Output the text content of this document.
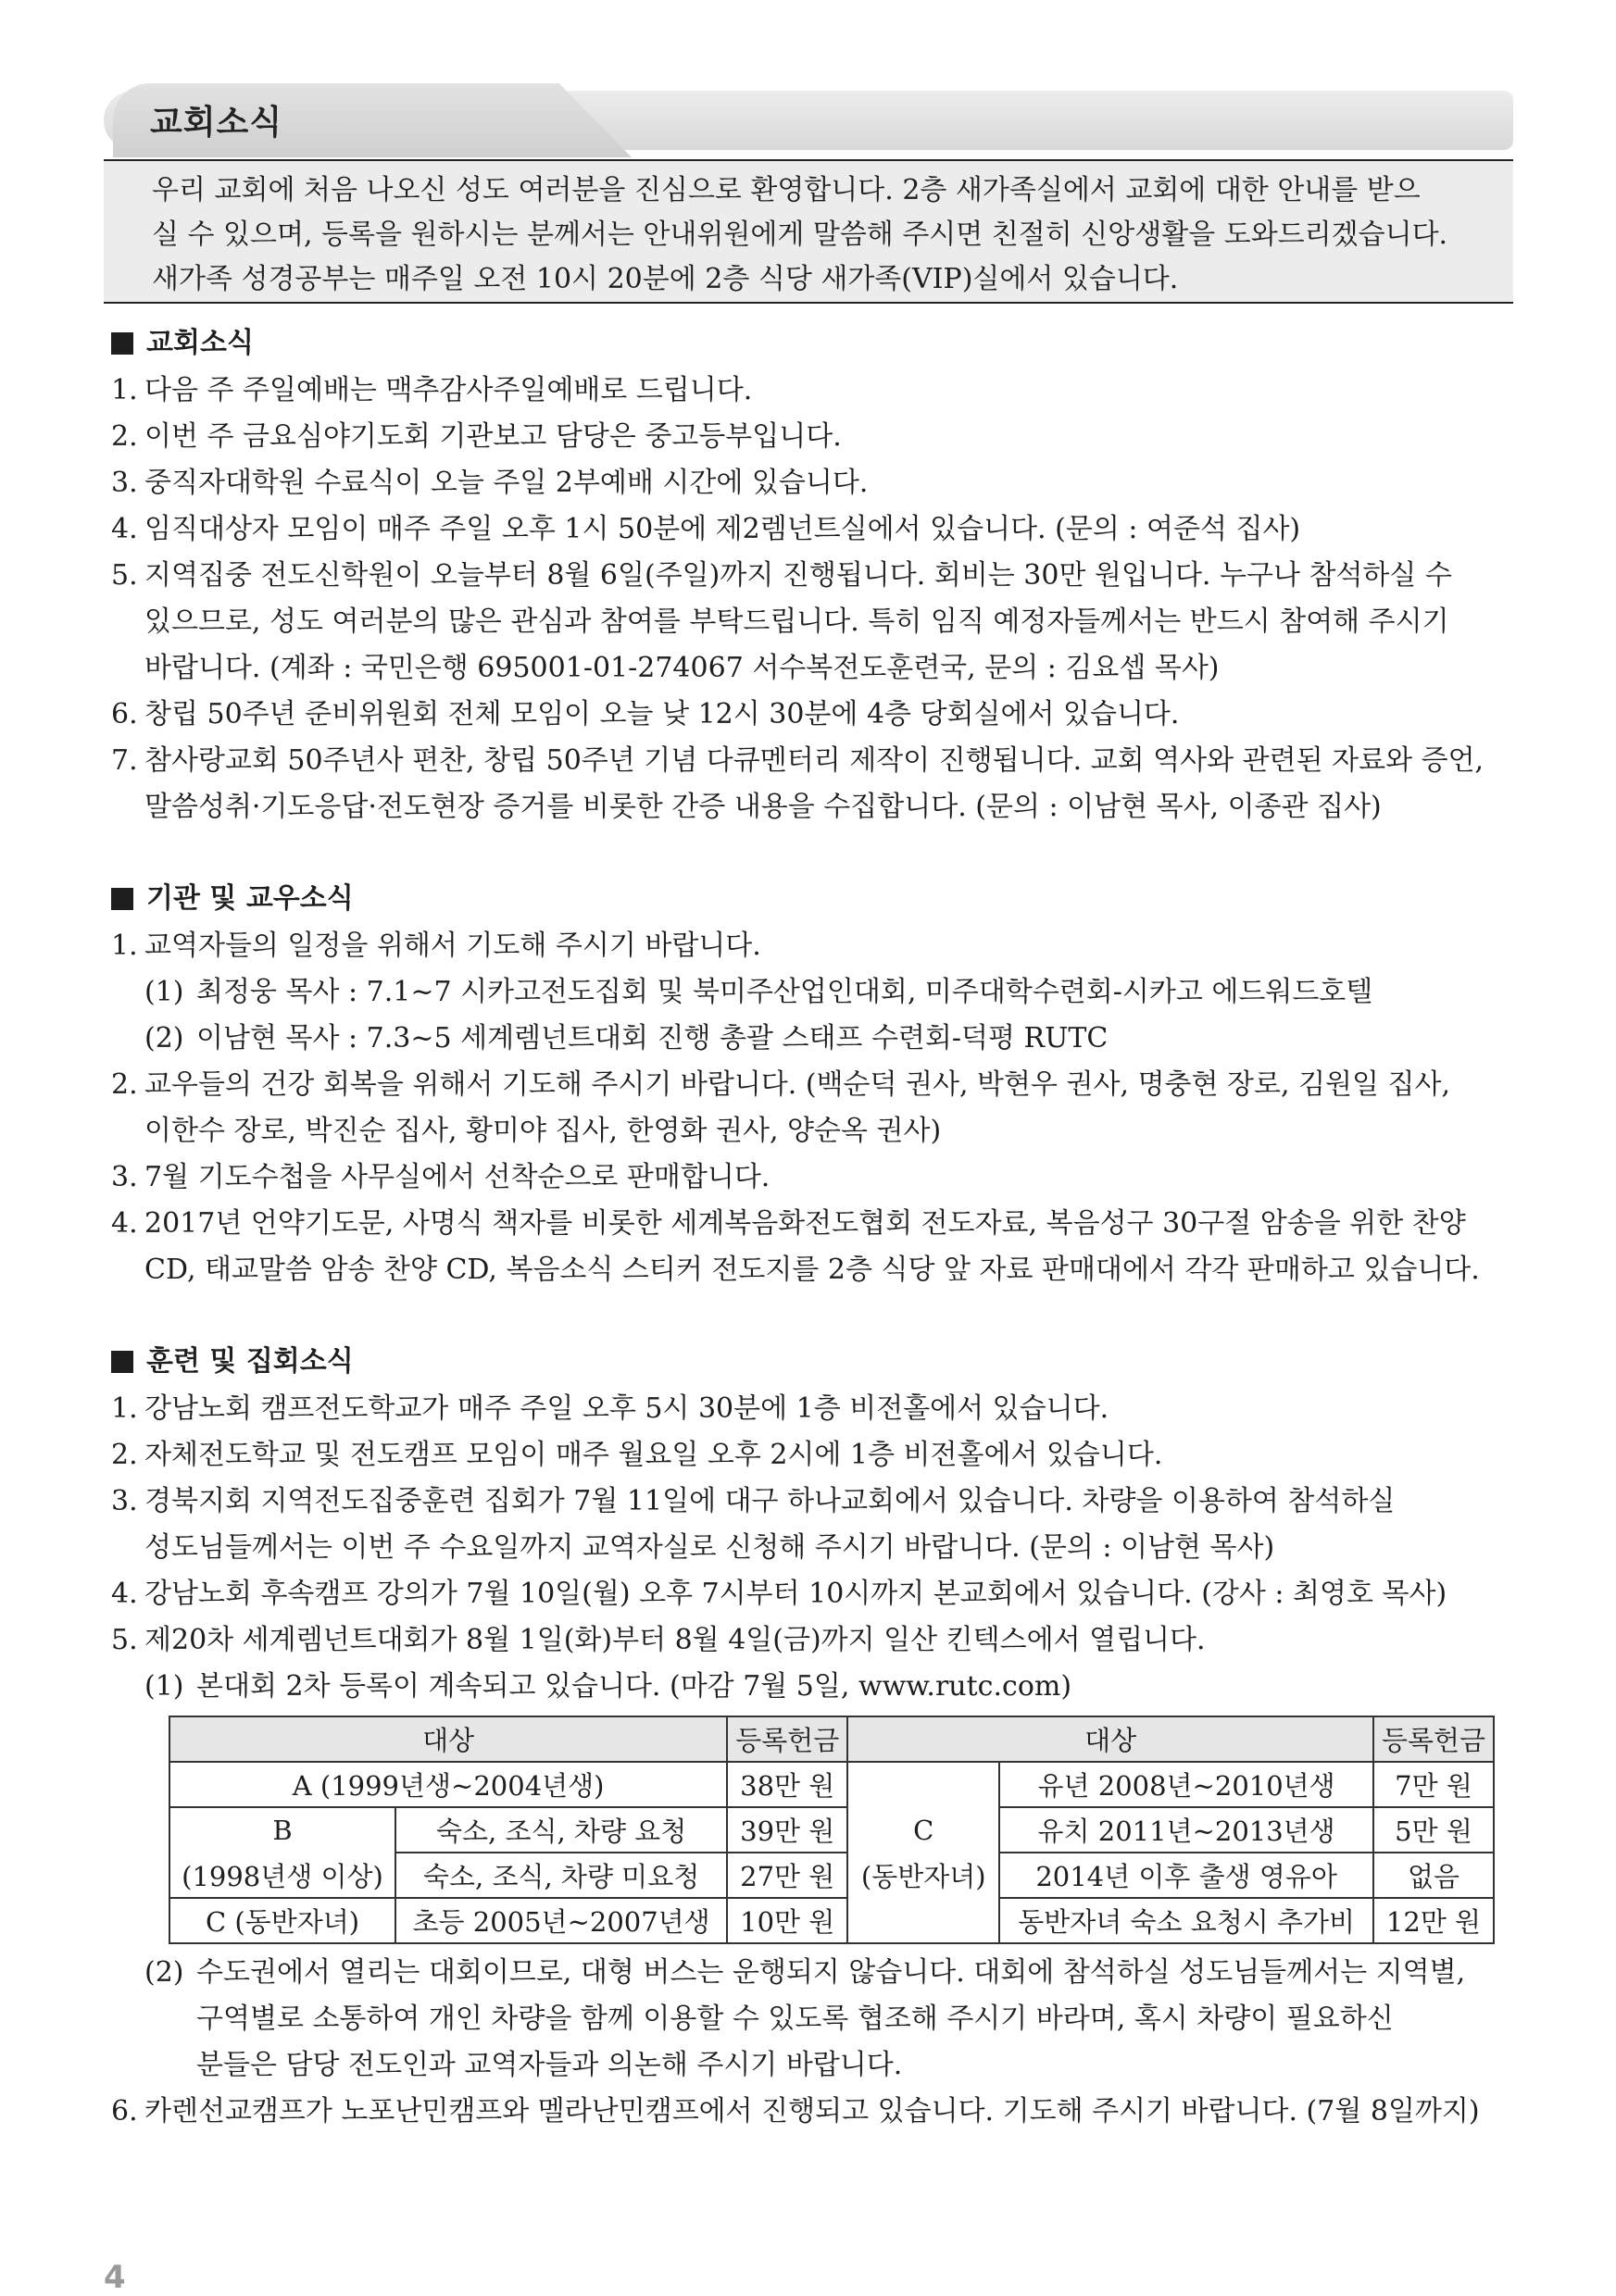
교회소식
우리 교회에 처음 나오신 성도 여러분을 진심으로 환영합니다. 2층 새가족실에서 교회에 대한 안내를 받으
실 수 있으며, 등록을 원하시는 분께서는 안내위원에게 말씀해 주시면 친절히 신앙생활을 도와드리겠습니다.
새가족 성경공부는 매주일 오전 10시 20분에 2층 식당 새가족(VIP)실에서 있습니다.
교회소식
1. 다음 주 주일예배는 맥추감사주일예배로 드립니다.
2. 이번 주 금요심야기도회 기관보고 담당은 중고등부입니다.
3. 중직자대학원 수료식이 오늘 주일 2부예배 시간에 있습니다.
4. 임직대상자 모임이 매주 주일 오후 1시 50분에 제2렘넌트실에서 있습니다. (문의 : 여준석 집사)
5. 지역집중 전도신학원이 오늘부터 8월 6일(주일)까지 진행됩니다. 회비는 30만 원입니다. 누구나 참석하실 수
있으므로, 성도 여러분의 많은 관심과 참여를 부탁드립니다. 특히 임직 예정자들께서는 반드시 참여해 주시기
바랍니다. (계좌 : 국민은행 695001-01-274067 서수복전도훈련국, 문의 : 김요셉 목사)
6. 창립 50주년 준비위원회 전체 모임이 오늘 낮 12시 30분에 4층 당회실에서 있습니다.
7. 참사랑교회 50주년사 편찬, 창립 50주년 기념 다큐멘터리 제작이 진행됩니다. 교회 역사와 관련된 자료와 증언,
말씀성취·기도응답·전도현장 증거를 비롯한 간증 내용을 수집합니다. (문의 : 이남현 목사, 이종관 집사)
기관 및 교우소식
1. 교역자들의 일정을 위해서 기도해 주시기 바랍니다.
(1) 최정웅 목사 : 7.1~7 시카고전도집회 및 북미주산업인대회, 미주대학수련회-시카고 에드워드호텔
(2) 이남현 목사 : 7.3~5 세계렘넌트대회 진행 총괄 스태프 수련회-덕평 RUTC
2. 교우들의 건강 회복을 위해서 기도해 주시기 바랍니다. (백순덕 권사, 박현우 권사, 명충현 장로, 김원일 집사,
이한수 장로, 박진순 집사, 황미야 집사, 한영화 권사, 양순옥 권사)
3. 7월 기도수첩을 사무실에서 선착순으로 판매합니다.
4. 2017년 언약기도문, 사명식 책자를 비롯한 세계복음화전도협회 전도자료, 복음성구 30구절 암송을 위한 찬양
CD, 태교말씀 암송 찬양 CD, 복음소식 스티커 전도지를 2층 식당 앞 자료 판매대에서 각각 판매하고 있습니다.
훈련 및 집회소식
1. 강남노회 캠프전도학교가 매주 주일 오후 5시 30분에 1층 비전홀에서 있습니다.
2. 자체전도학교 및 전도캠프 모임이 매주 월요일 오후 2시에 1층 비전홀에서 있습니다.
3. 경북지회 지역전도집중훈련 집회가 7월 11일에 대구 하나교회에서 있습니다. 차량을 이용하여 참석하실
성도님들께서는 이번 주 수요일까지 교역자실로 신청해 주시기 바랍니다. (문의 : 이남현 목사)
4. 강남노회 후속캠프 강의가 7월 10일(월) 오후 7시부터 10시까지 본교회에서 있습니다. (강사 : 최영호 목사)
5. 제20차 세계렘넌트대회가 8월 1일(화)부터 8월 4일(금)까지 일산 킨텍스에서 열립니다.
(1) 본대회 2차 등록이 계속되고 있습니다. (마감 7월 5일, www.rutc.com)
대상		등록헌금	대상		등록헌금
A (1999년생~2004년생)		38만 원		유년 2008년~2010년생	7만 원
B	숙소, 조식, 차량 요청	39만 원	C	유치 2011년~2013년생	5만 원
(1998년생 이상)	숙소, 조식, 차량 미요청	27만 원	(동반자녀)	2014년 이후 출생 영유아	없음
C (동반자녀)	초등 2005년~2007년생	10만 원		동반자녀 숙소 요청시 추가비	12만 원
(2) 수도권에서 열리는 대회이므로, 대형 버스는 운행되지 않습니다. 대회에 참석하실 성도님들께서는 지역별,
구역별로 소통하여 개인 차량을 함께 이용할 수 있도록 협조해 주시기 바라며, 혹시 차량이 필요하신
분들은 담당 전도인과 교역자들과 의논해 주시기 바랍니다.
6. 카렌선교캠프가 노포난민캠프와 멜라난민캠프에서 진행되고 있습니다. 기도해 주시기 바랍니다. (7월 8일까지)
4
